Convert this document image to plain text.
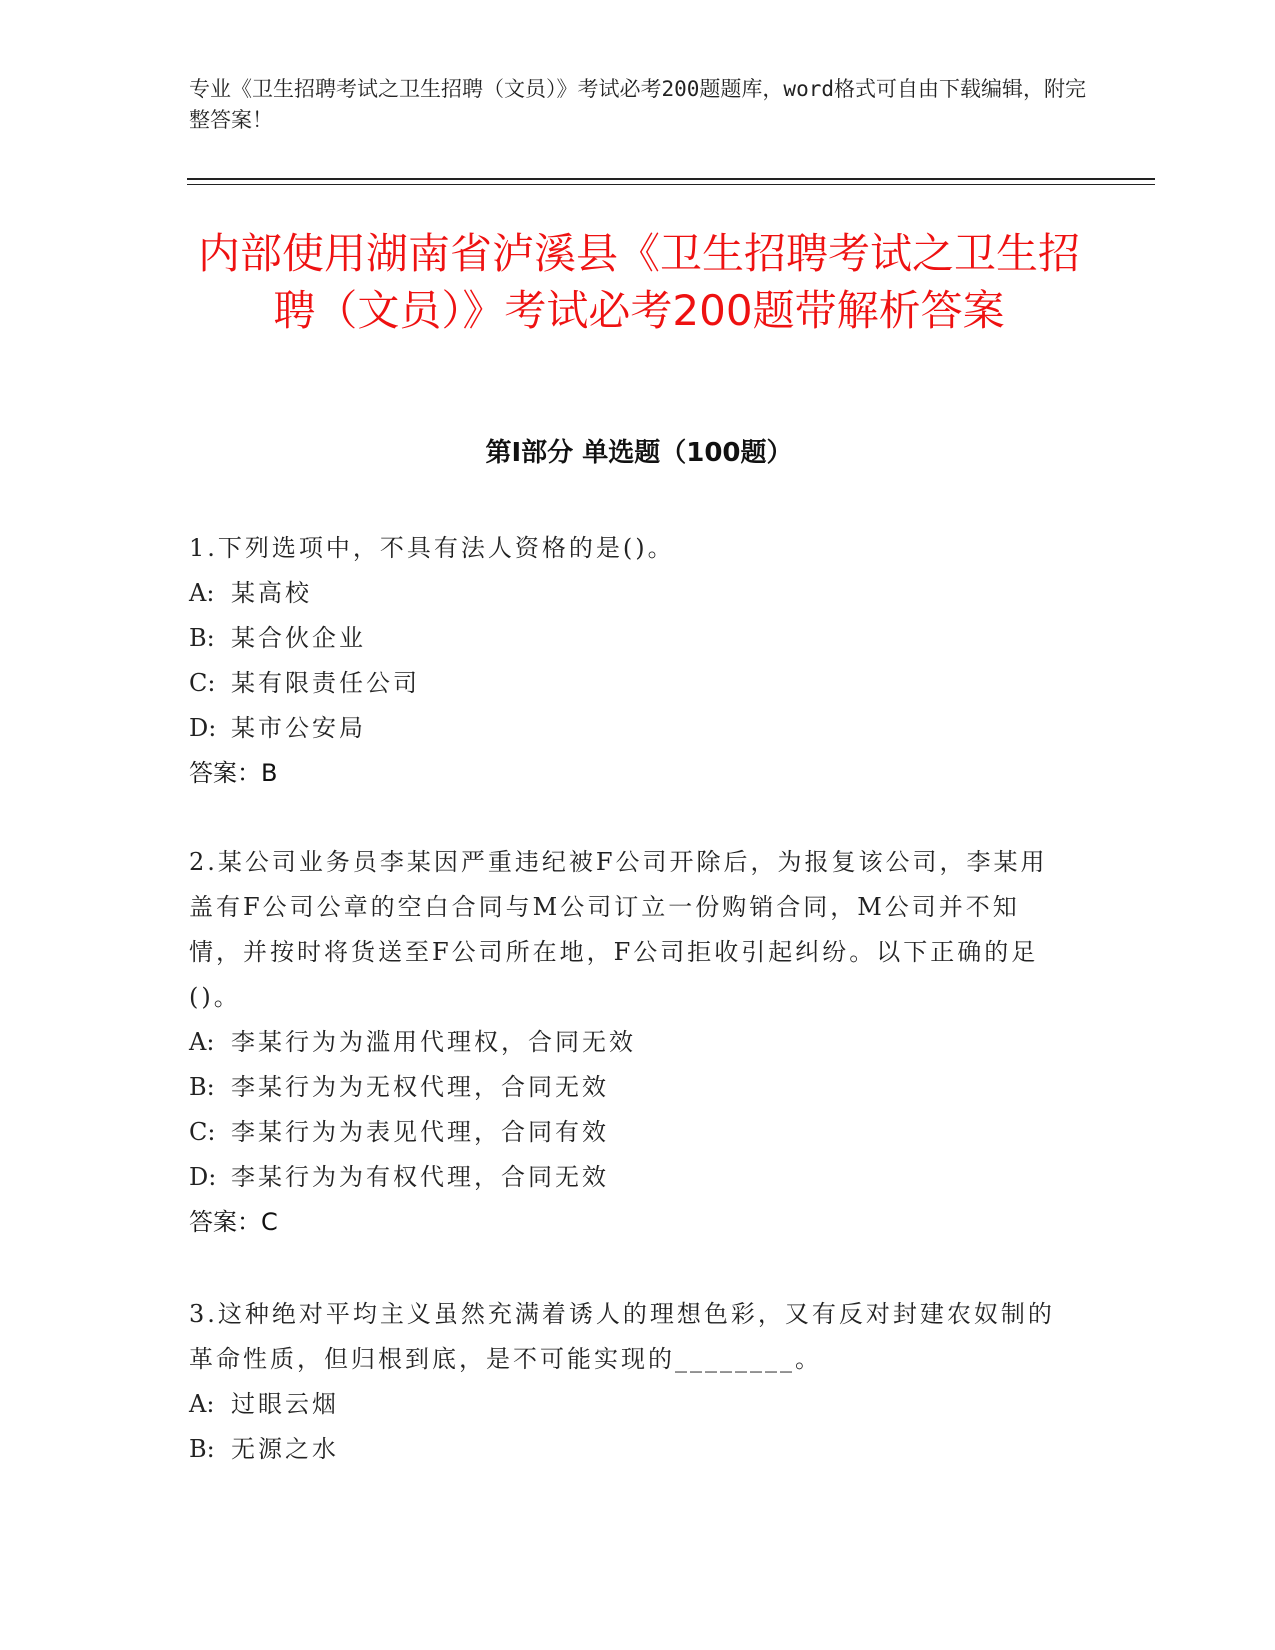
专业《卫生招聘考试之卫生招聘（文员）》考试必考200题题库，word格式可自由下载编辑，附完整答案！
内部使用湖南省泸溪县《卫生招聘考试之卫生招聘（文员）》考试必考200题带解析答案
第Ⅰ部分 单选题（100题）
1.下列选项中，不具有法人资格的是()。
A: 某高校
B: 某合伙企业
C: 某有限责任公司
D: 某市公安局
答案：B
2.某公司业务员李某因严重违纪被F公司开除后，为报复该公司，李某用盖有F公司公章的空白合同与M公司订立一份购销合同，M公司并不知情，并按时将货送至F公司所在地，F公司拒收引起纠纷。以下正确的足()。
A: 李某行为为滥用代理权，合同无效
B: 李某行为为无权代理，合同无效
C: 李某行为为表见代理，合同有效
D: 李某行为为有权代理，合同无效
答案：C
3.这种绝对平均主义虽然充满着诱人的理想色彩，又有反对封建农奴制的革命性质，但归根到底，是不可能实现的________。
A: 过眼云烟
B: 无源之水
